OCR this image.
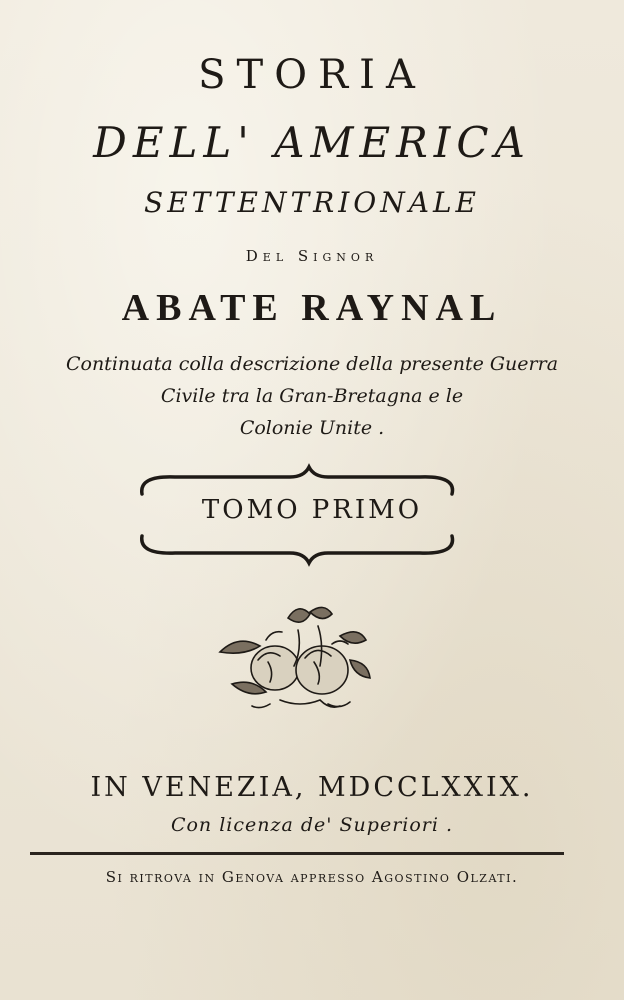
STORIA
DELL' AMERICA
SETTENTRIONALE
Del Signor
ABATE RAYNAL
Continuata colla descrizione della presente Guerra
Civile tra la Gran-Bretagna e le
Colonie Unite .
TOMO PRIMO
IN VENEZIA, MDCCLXXIX.
Con licenza de' Superiori .
Si ritrova in Genova appresso Agostino Olzati.
